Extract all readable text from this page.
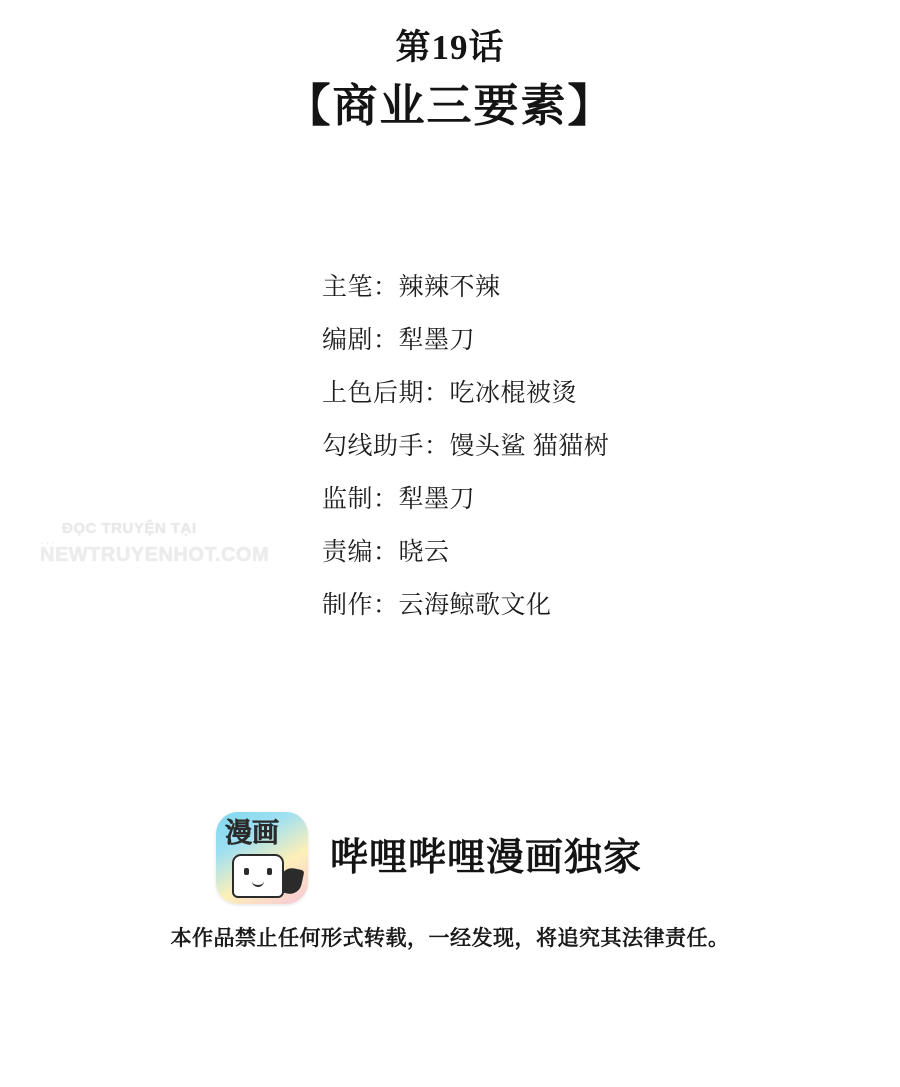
第19话
【商业三要素】
主笔：辣辣不辣
编剧：犁墨刀
上色后期：吃冰棍被烫
勾线助手：馒头鲨 猫猫树
监制：犁墨刀
责编：晓云
制作：云海鲸歌文化
...
ĐỌC TRUYỆN TẠI
NEWTRUYENHOT.COM
漫画
哔哩哔哩漫画独家
本作品禁止任何形式转载，一经发现，将追究其法律责任。
